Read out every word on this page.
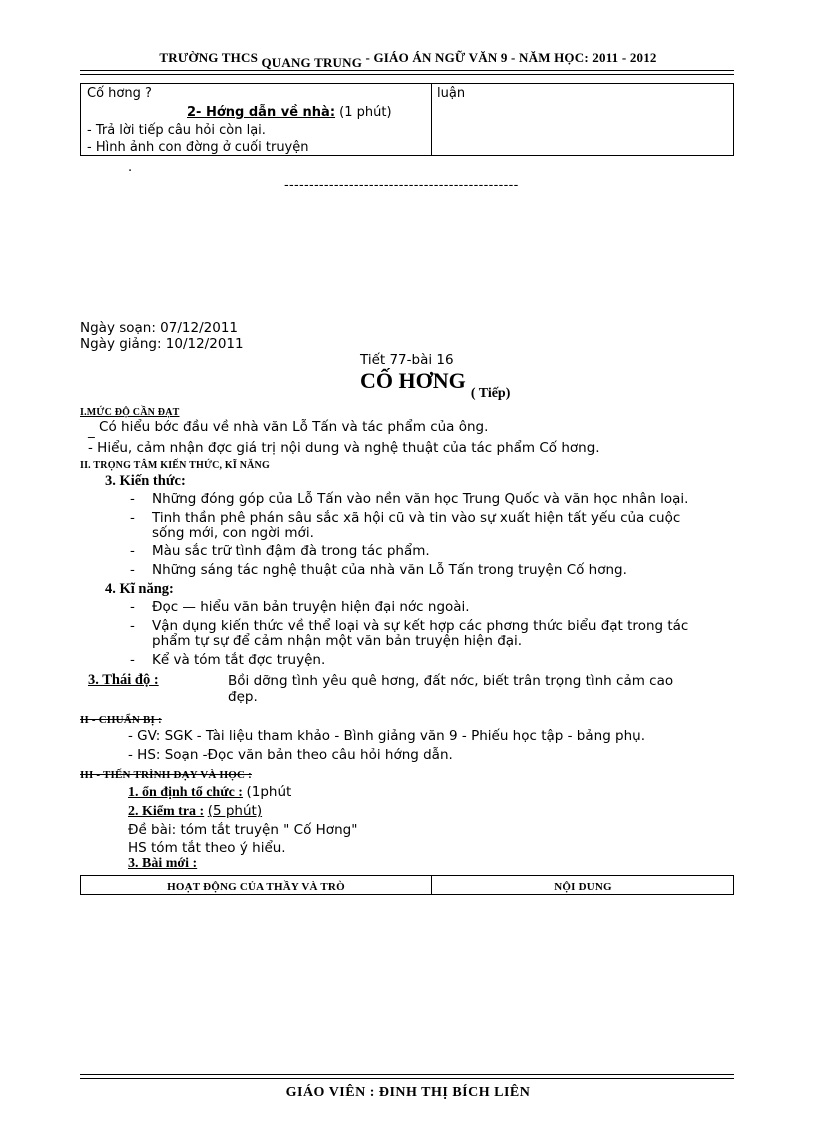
TRƯỜNG THCS QUANG TRUNG - GIÁO ÁN NGỮ VĂN 9 - NĂM HỌC: 2011 - 2012
Cố hơng ?
2- Hớng dẫn về nhà: (1 phút)
- Trả lời tiếp câu hỏi còn lại.
- Hình ảnh con đờng ở cuối truyện
luận
.
-----------------------------------------------
Ngày soạn: 07/12/2011
Ngày giảng: 10/12/2011
Tiết 77-bài 16
CỐ HƠNG ( Tiếp)
I.MỨC ĐỘ CẦN ĐẠT
_ Có hiểu bớc đầu về nhà văn Lỗ Tấn và tác phẩm của ông.
- Hiểu, cảm nhận đợc giá trị nội dung và nghệ thuật của tác phẩm Cố hơng.
II. TRỌNG TÂM KIẾN THỨC, KĨ NĂNG
3. Kiến thức:
- Những đóng góp của Lỗ Tấn vào nền văn học Trung Quốc và văn học nhân loại.
- Tinh thần phê phán sâu sắc xã hội cũ và tin vào sự xuất hiện tất yếu của cuộc
sống mới, con ngời mới.
- Màu sắc trữ tình đậm đà trong tác phẩm.
- Những sáng tác nghệ thuật của nhà văn Lỗ Tấn trong truyện Cố hơng.
4. Kĩ năng:
- Đọc — hiểu văn bản truyện hiện đại nớc ngoài.
- Vận dụng kiến thức về thể loại và sự kết hợp các phơng thức biểu đạt trong tác
phẩm tự sự để cảm nhận một văn bản truyện hiện đại.
- Kể và tóm tắt đợc truyện.
3. Thái độ :	Bồi dỡng tình yêu quê hơng, đất nớc, biết trân trọng tình cảm cao
đẹp.
II - CHUẨN BỊ :
- GV: SGK - Tài liệu tham khảo - Bình giảng văn 9 - Phiếu học tập - bảng phụ.
- HS: Soạn -Đọc văn bản theo câu hỏi hớng dẫn.
III - TIẾN TRÌNH DẠY VÀ HỌC :
1. ổn định tổ chức : (1phút
2. Kiểm tra : (5 phút)
Đề bài: tóm tắt truyện " Cố Hơng"
HS tóm tắt theo ý hiểu.
3. Bài mới :
HOẠT ĐỘNG CỦA THẦY VÀ TRÒ	NỘI DUNG
GIÁO VIÊN : ĐINH THỊ BÍCH LIÊN
